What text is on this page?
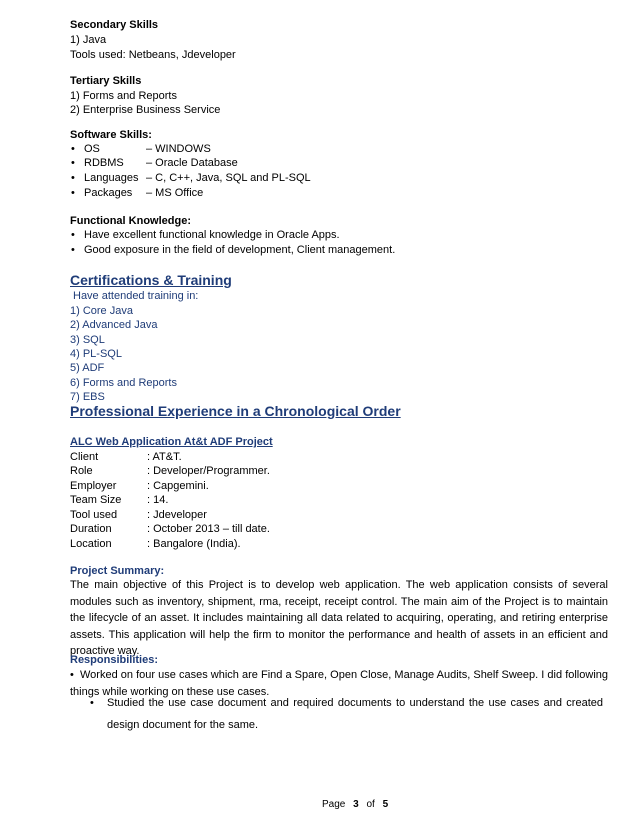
Secondary Skills
1) Java
Tools used: Netbeans, Jdeveloper
Tertiary Skills
1) Forms and Reports
2) Enterprise Business Service
Software Skills:
• OS	– WINDOWS
• RDBMS – Oracle Database
• Languages – C, C++, Java, SQL and PL-SQL
• Packages – MS Office
Functional Knowledge:
• Have excellent functional knowledge in Oracle Apps.
• Good exposure in the field of development, Client management.
Certifications & Training
Have attended training in:
1) Core Java
2) Advanced Java
3) SQL
4) PL-SQL
5) ADF
6) Forms and Reports
7) EBS
Professional Experience in a Chronological Order
ALC Web Application At&t ADF Project
Client	: AT&T.
Role	: Developer/Programmer.
Employer	: Capgemini.
Team Size : 14.
Tool used	: Jdeveloper
Duration	: October 2013 – till date.
Location	: Bangalore (India).
Project Summary:
The main objective of this Project is to develop web application. The web application consists of several modules such as inventory, shipment, rma, receipt, receipt control. The main aim of the Project is to maintain the lifecycle of an asset. It includes maintaining all data related to acquiring, operating, and retiring enterprise assets. This application will help the firm to monitor the performance and health of assets in an efficient and proactive way.
Responsibilities:
• Worked on four use cases which are Find a Spare, Open Close, Manage Audits, Shelf Sweep. I did following things while working on these use cases.
• Studied the use case document and required documents to understand the use cases and created design document for the same.
Page 3 of 5
